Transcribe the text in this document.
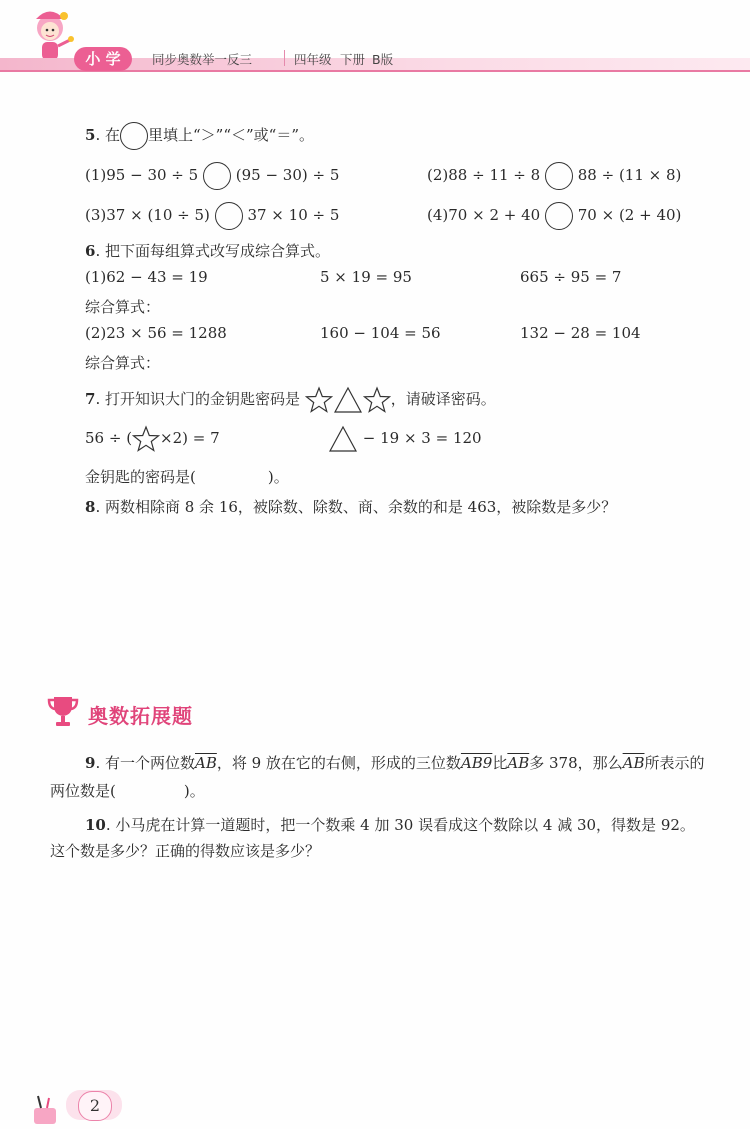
小 学	同步奥数举一反三	四年级 下册 B版
5. 在 里填上“＞”“＜”或“＝”。
(1)95 − 30 ÷ 5	(95 − 30) ÷ 5	(2)88 ÷ 11 ÷ 8	88 ÷ (11 × 8)
(3)37 × (10 ÷ 5)	37 × 10 ÷ 5	(4)70 × 2 + 40	70 × (2 + 40)
6. 把下面每组算式改写成综合算式。
(1)62 − 43 = 19	5 × 19 = 95	665 ÷ 95 = 7
综合算式：
(2)23 × 56 = 1288	160 − 104 = 56	132 − 28 = 104
综合算式：
7. 打开知识大门的金钥匙密码是	，请破译密码。
56 ÷ ( ×2) = 7	− 19 × 3 = 120
金钥匙的密码是(	)。
8. 两数相除商 8 余 16，被除数、除数、商、余数的和是 463，被除数是多少？
奥数拓展题
9. 有一个两位数$\overline{AB}$，将 9 放在它的右侧，形成的三位数AB9比$\overline{AB}$多 378，那么$\overline{AB}$所表示的
两位数是(	)。
10. 小马虎在计算一道题时，把一个数乘 4 加 30 误看成这个数除以 4 减 30，得数是 92。
这个数是多少？正确的得数应该是多少？
2
